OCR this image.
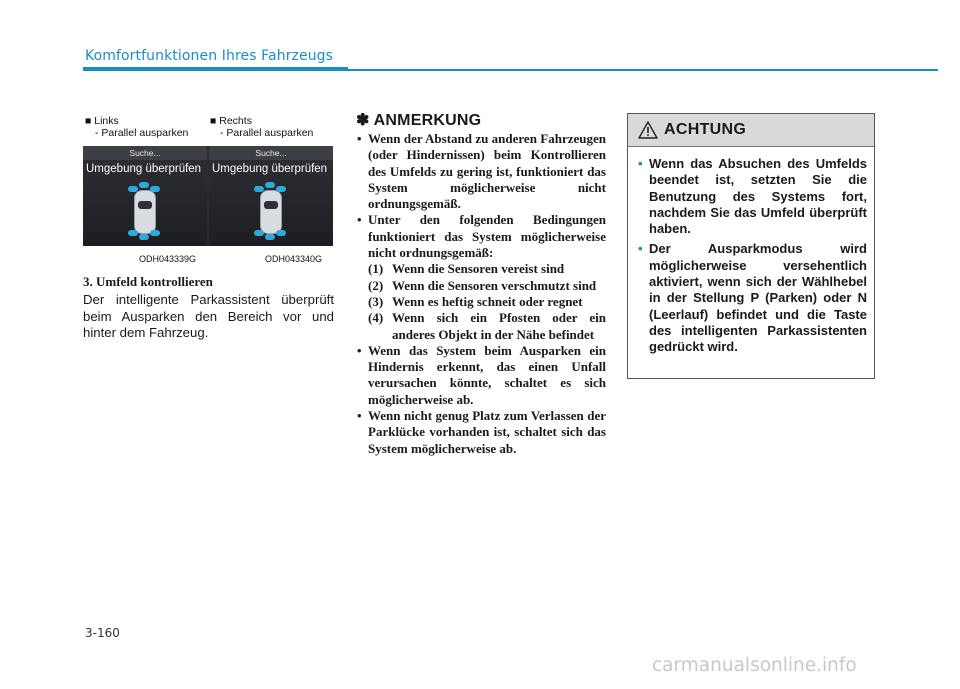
Komfortfunktionen Ihres Fahrzeugs
■ Links
- Parallel ausparken
■ Rechts
- Parallel ausparken
Suche...
Umgebung überprüfen
Suche...
Umgebung überprüfen
ODH043339G	ODH043340G
3. Umfeld kontrollieren
Der intelligente Parkassistent überprüft beim Ausparken den Bereich vor und hinter dem Fahrzeug.
✽ ANMERKUNG
• Wenn der Abstand zu anderen Fahrzeugen (oder Hindernissen) beim Kontrollieren des Umfelds zu gering ist, funktioniert das System möglicherweise nicht ordnungsgemäß.
• Unter den folgenden Bedingungen funktioniert das System möglicherweise nicht ordnungsgemäß:
(1) Wenn die Sensoren vereist sind
(2) Wenn die Sensoren verschmutzt sind
(3) Wenn es heftig schneit oder regnet
(4) Wenn sich ein Pfosten oder ein anderes Objekt in der Nähe befindet
• Wenn das System beim Ausparken ein Hindernis erkennt, das einen Unfall verursachen könnte, schaltet es sich möglicherweise ab.
• Wenn nicht genug Platz zum Verlassen der Parklücke vorhanden ist, schaltet sich das System möglicherweise ab.
ACHTUNG
• Wenn das Absuchen des Umfelds beendet ist, setzten Sie die Benutzung des Systems fort, nachdem Sie das Umfeld überprüft haben.
• Der Ausparkmodus wird möglicherweise versehentlich aktiviert, wenn sich der Wählhebel in der Stellung P (Parken) oder N (Leerlauf) befindet und die Taste des intelligenten Parkassistenten gedrückt wird.
3-160
carmanualsonline.info
